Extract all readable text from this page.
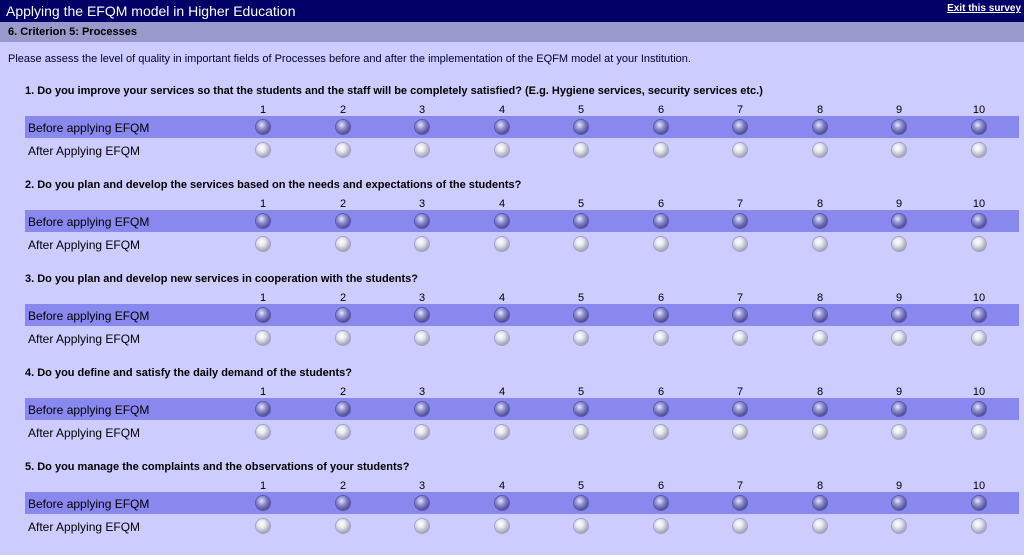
Applying the EFQM model in Higher Education	Exit this survey
6. Criterion 5: Processes
Please assess the level of quality in important fields of Processes before and after the implementation of the EQFM model at your Institution.
1. Do you improve your services so that the students and the staff will be completely satisfied? (E.g. Hygiene services, security services etc.)
1	2	3	4	5	6	7	8	9	10
Before applying EFQM
After Applying EFQM
2. Do you plan and develop the services based on the needs and expectations of the students?
1	2	3	4	5	6	7	8	9	10
Before applying EFQM
After Applying EFQM
3. Do you plan and develop new services in cooperation with the students?
1	2	3	4	5	6	7	8	9	10
Before applying EFQM
After Applying EFQM
4. Do you define and satisfy the daily demand of the students?
1	2	3	4	5	6	7	8	9	10
Before applying EFQM
After Applying EFQM
5. Do you manage the complaints and the observations of your students?
1	2	3	4	5	6	7	8	9	10
Before applying EFQM
After Applying EFQM
